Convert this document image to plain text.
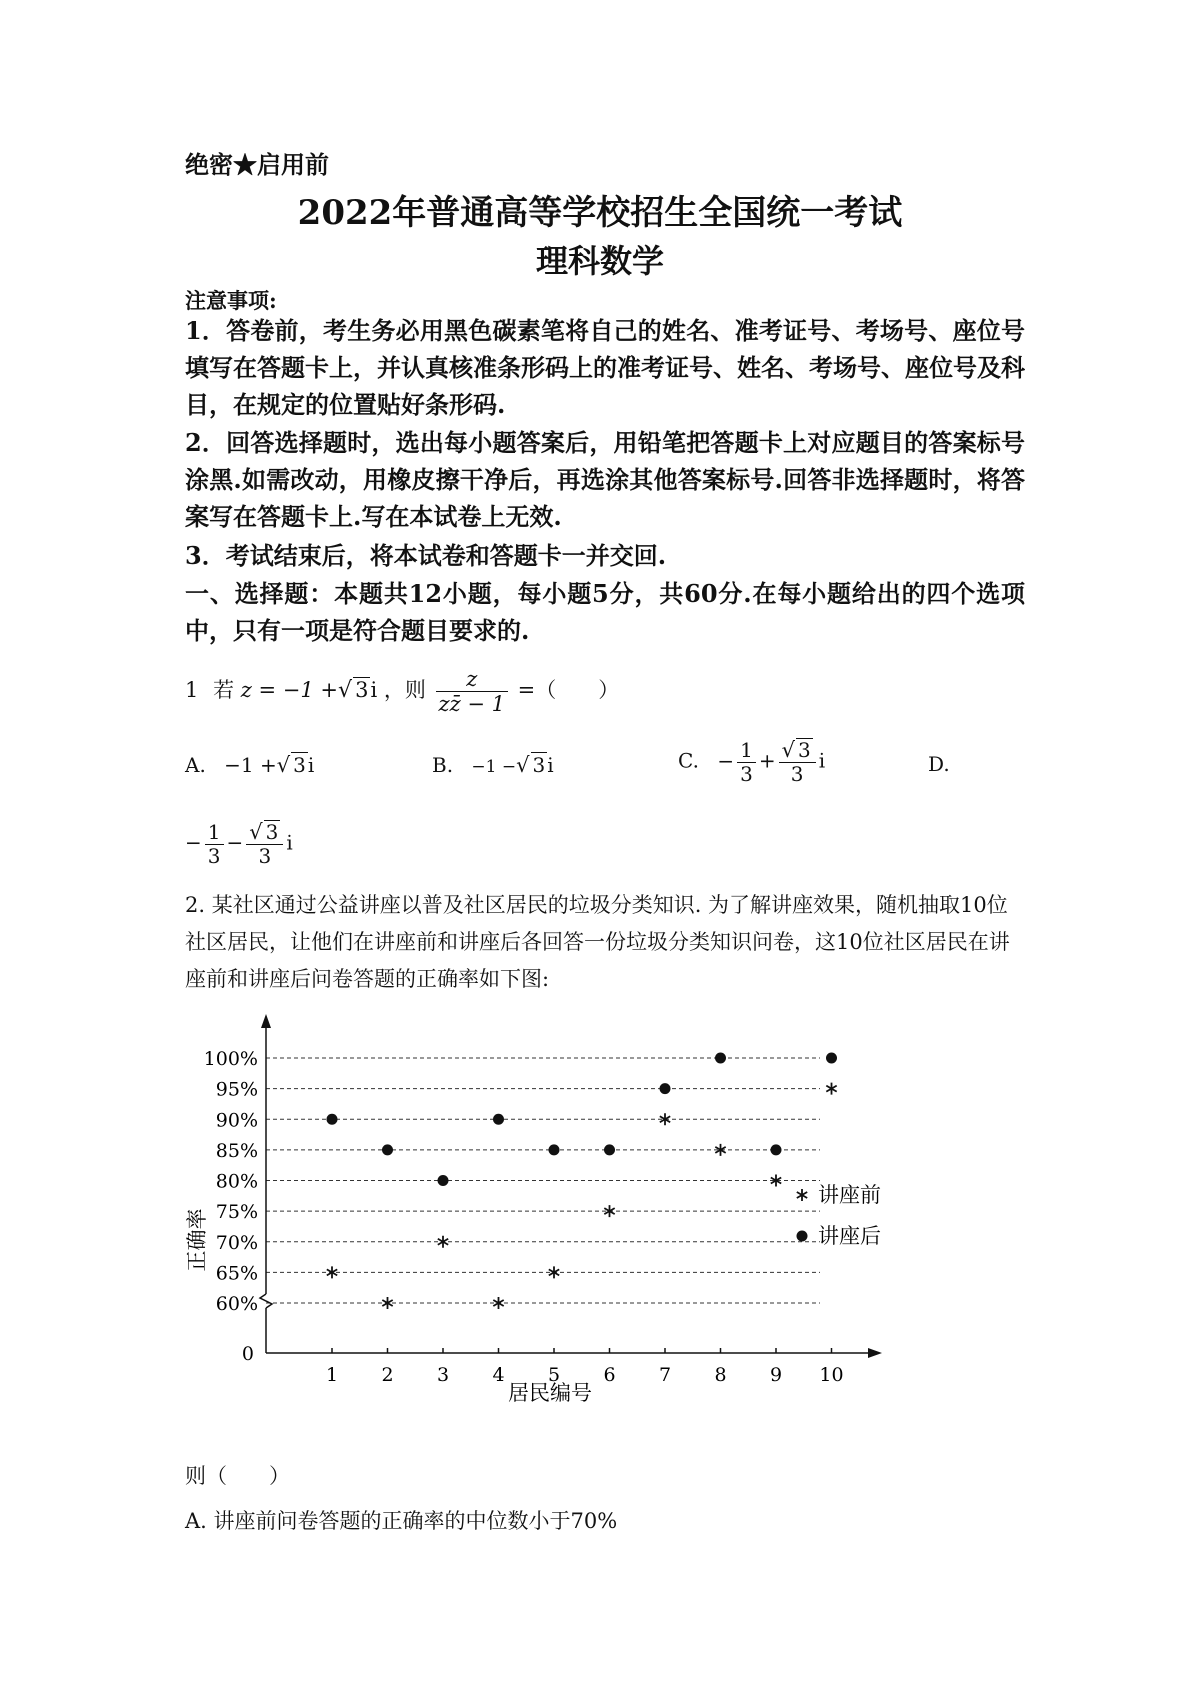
绝密★启用前
2022年普通高等学校招生全国统一考试
理科数学
注意事项:
1．答卷前，考生务必用黑色碳素笔将自己的姓名、准考证号、考场号、座位号填写在答题卡上，并认真核准条形码上的准考证号、姓名、考场号、座位号及科目，在规定的位置贴好条形码.
2．回答选择题时，选出每小题答案后，用铅笔把答题卡上对应题目的答案标号涂黑.如需改动，用橡皮擦干净后，再选涂其他答案标号.回答非选择题时，将答案写在答题卡上.写在本试卷上无效.
3．考试结束后，将本试卷和答题卡一并交回.
一、选择题：本题共12小题，每小题5分，共60分.在每小题给出的四个选项中，只有一项是符合题目要求的.
1 若 z = −1 +√ 3i ，则 $\frac{z}{zz̄ - 1}$ =（　　）
A. −1 +√ 3 i	B. −1 −√ 3 i	C. − $\frac{1}{3} + \frac{√ 3}{3}$ i	D.
− $\frac{1}{3} - \frac{√ 3}{3}$ i
2. 某社区通过公益讲座以普及社区居民的垃圾分类知识. 为了解讲座效果，随机抽取10位社区居民，让他们在讲座前和讲座后各回答一份垃圾分类知识问卷，这10位社区居民在讲座前和讲座后问卷答题的正确率如下图:
100%
95%
90%
85%
80%
75%
70%
65%
60%
0
1 2 3 4 5 6 7 8 9 10
正确率
居民编号
讲座前
讲座后
则（　　）
A. 讲座前问卷答题的正确率的中位数小于70%
